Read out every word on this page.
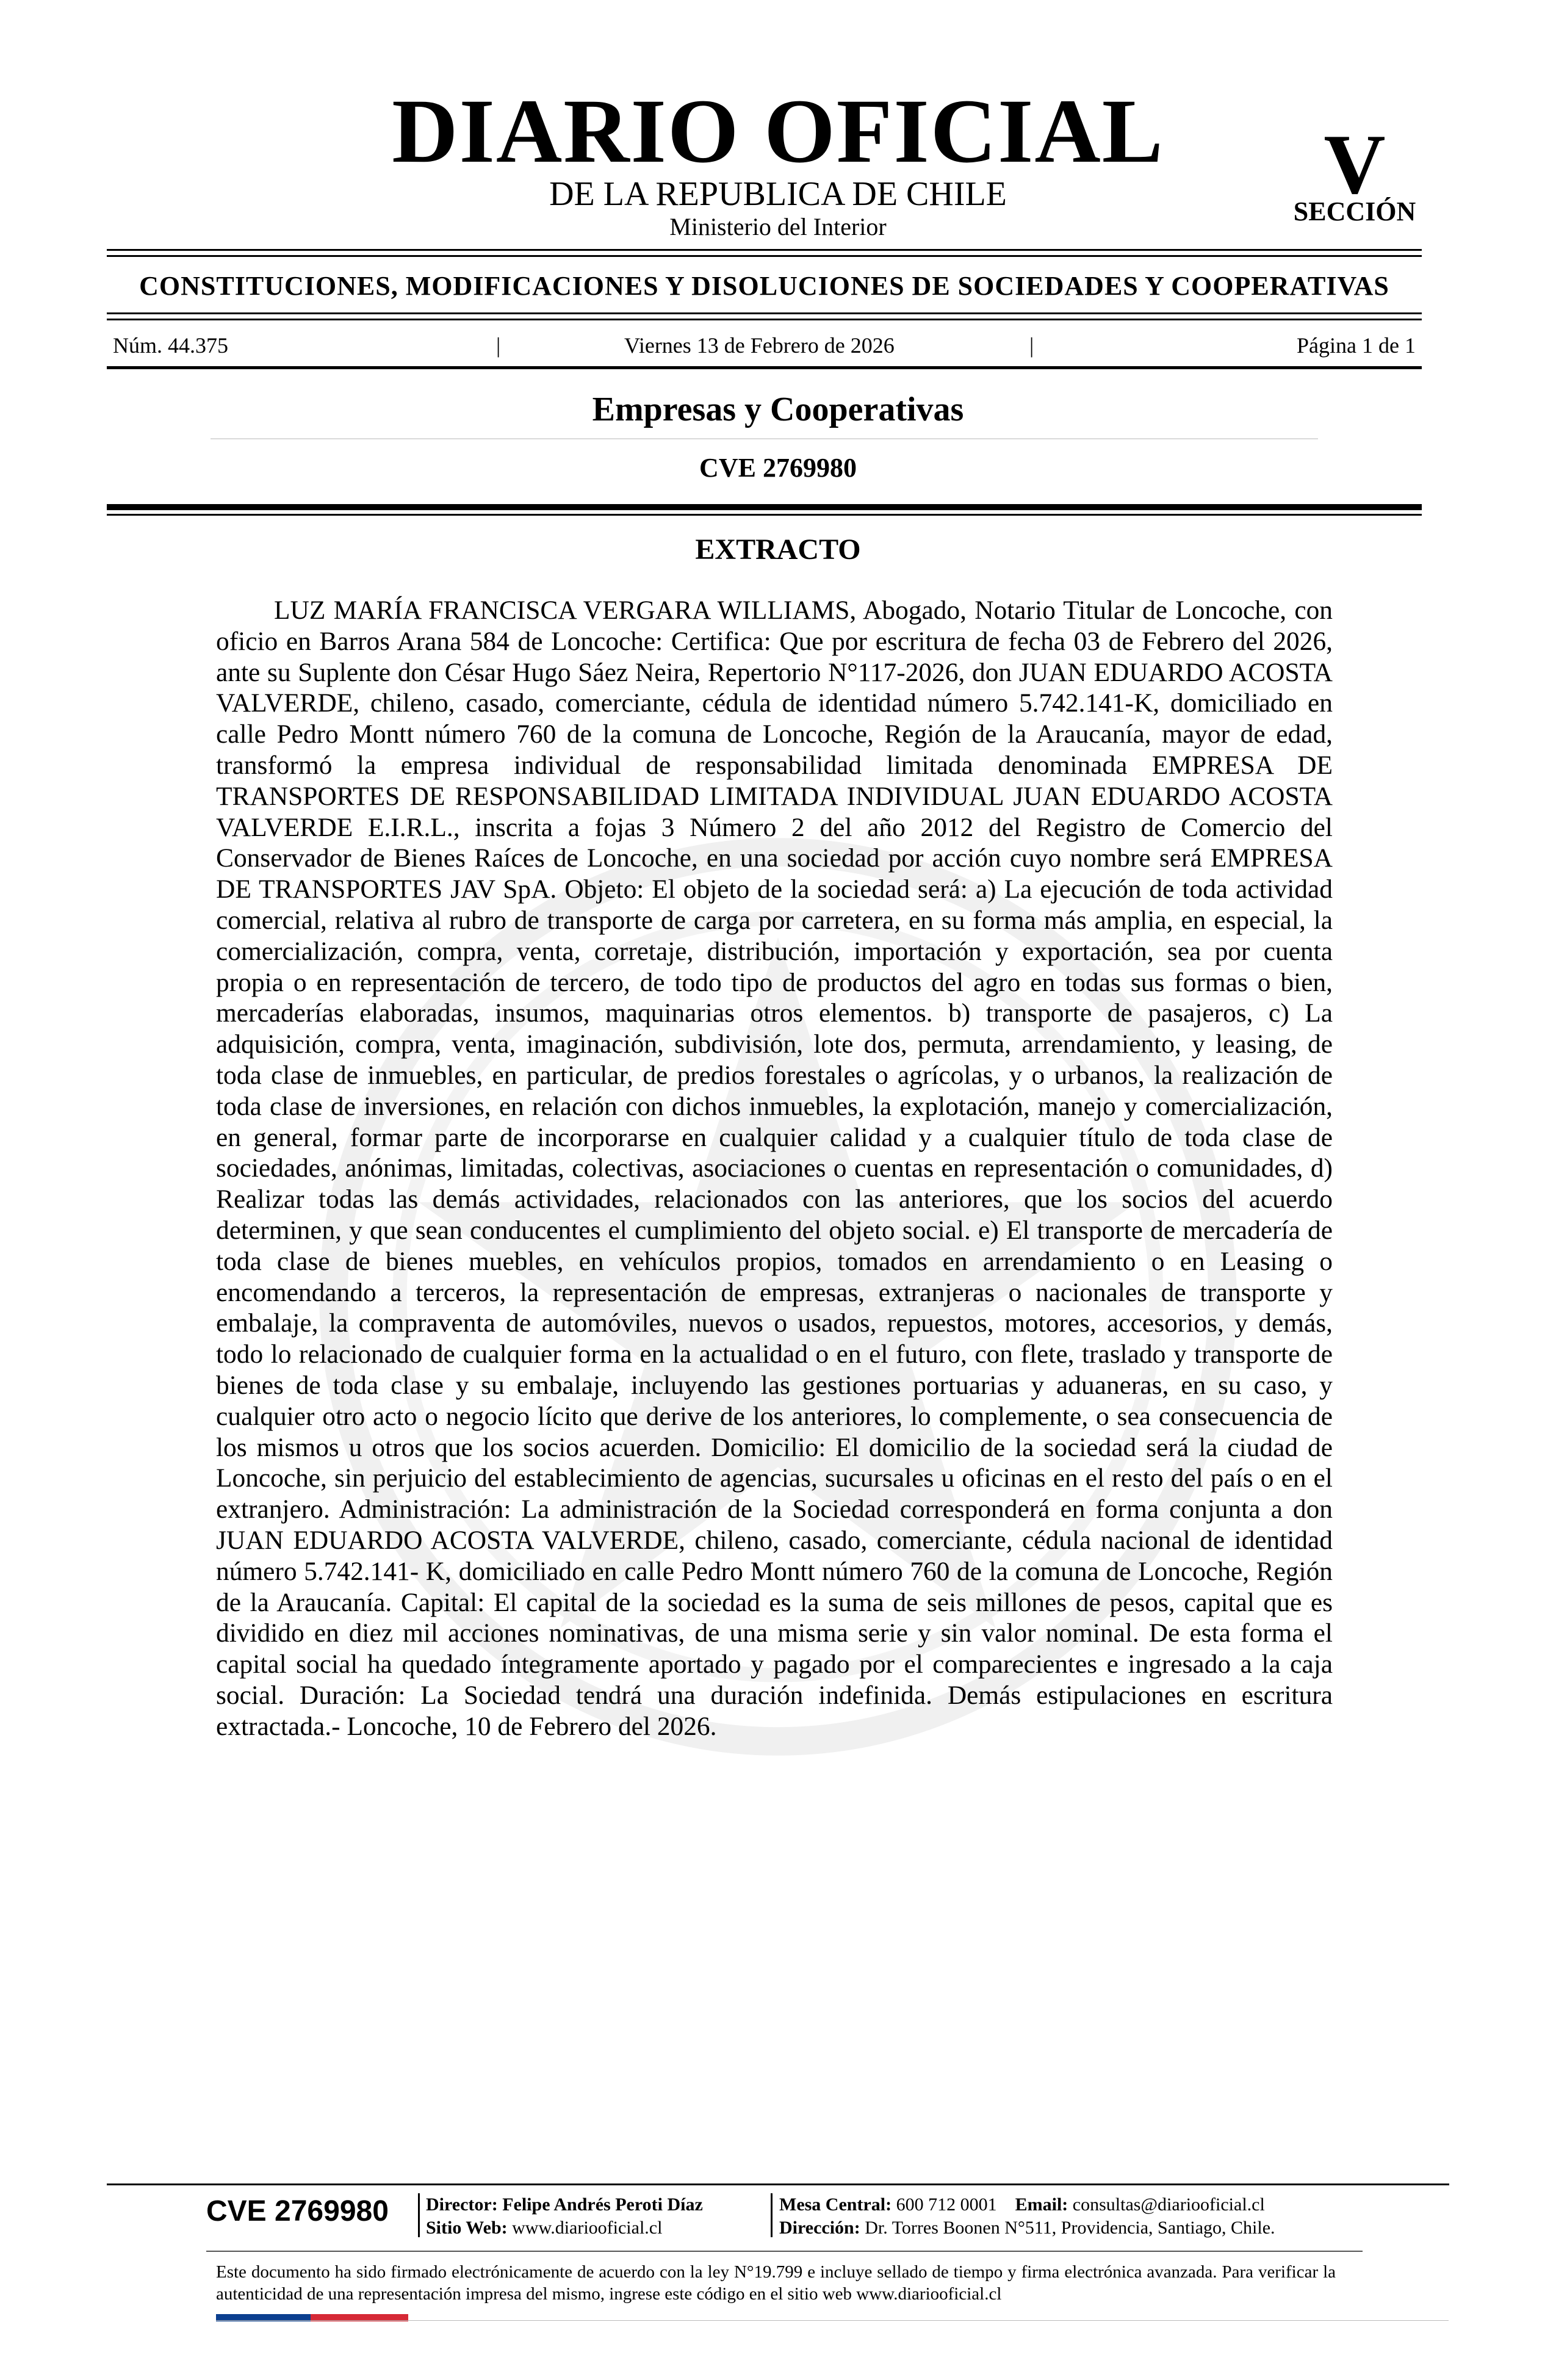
DIARIO OFICIAL
DE LA REPUBLICA DE CHILE
Ministerio del Interior
V
SECCIÓN
CONSTITUCIONES, MODIFICACIONES Y DISOLUCIONES DE SOCIEDADES Y COOPERATIVAS
Núm. 44.375	|	Viernes 13 de Febrero de 2026	|	Página 1 de 1
Empresas y Cooperativas
CVE 2769980
EXTRACTO

LUZ MARÍA FRANCISCA VERGARA WILLIAMS, Abogado, Notario Titular de Loncoche, con oficio en Barros Arana 584 de Loncoche: Certifica: Que por escritura de fecha 03 de Febrero del 2026, ante su Suplente don César Hugo Sáez Neira, Repertorio N°117-2026, don JUAN EDUARDO ACOSTA VALVERDE, chileno, casado, comerciante, cédula de identidad número 5.742.141-K, domiciliado en calle Pedro Montt número 760 de la comuna de Loncoche, Región de la Araucanía, mayor de edad, transformó la empresa individual de responsabilidad limitada denominada EMPRESA DE TRANSPORTES DE RESPONSABILIDAD LIMITADA INDIVIDUAL JUAN EDUARDO ACOSTA VALVERDE E.I.R.L., inscrita a fojas 3 Número 2 del año 2012 del Registro de Comercio del Conservador de Bienes Raíces de Loncoche, en una sociedad por acción cuyo nombre será EMPRESA DE TRANSPORTES JAV SpA. Objeto: El objeto de la sociedad será: a) La ejecución de toda actividad comercial, relativa al rubro de transporte de carga por carretera, en su forma más amplia, en especial, la comercialización, compra, venta, corretaje, distribución, importación y exportación, sea por cuenta propia o en representación de tercero, de todo tipo de productos del agro en todas sus formas o bien, mercaderías elaboradas, insumos, maquinarias otros elementos. b) transporte de pasajeros, c) La adquisición, compra, venta, imaginación, subdivisión, lote dos, permuta, arrendamiento, y leasing, de toda clase de inmuebles, en particular, de predios forestales o agrícolas, y o urbanos, la realización de toda clase de inversiones, en relación con dichos inmuebles, la explotación, manejo y comercialización, en general, formar parte de incorporarse en cualquier calidad y a cualquier título de toda clase de sociedades, anónimas, limitadas, colectivas, asociaciones o cuentas en representación o comunidades, d) Realizar todas las demás actividades, relacionados con las anteriores, que los socios del acuerdo determinen, y que sean conducentes el cumplimiento del objeto social. e) El transporte de mercadería de toda clase de bienes muebles, en vehículos propios, tomados en arrendamiento o en Leasing o encomendando a terceros, la representación de empresas, extranjeras o nacionales de transporte y embalaje, la compraventa de automóviles, nuevos o usados, repuestos, motores, accesorios, y demás, todo lo relacionado de cualquier forma en la actualidad o en el futuro, con flete, traslado y transporte de bienes de toda clase y su embalaje, incluyendo las gestiones portuarias y aduaneras, en su caso, y cualquier otro acto o negocio lícito que derive de los anteriores, lo complemente, o sea consecuencia de los mismos u otros que los socios acuerden. Domicilio: El domicilio de la sociedad será la ciudad de Loncoche, sin perjuicio del establecimiento de agencias, sucursales u oficinas en el resto del país o en el extranjero. Administración: La administración de la Sociedad corresponderá en forma conjunta a don JUAN EDUARDO ACOSTA VALVERDE, chileno, casado, comerciante, cédula nacional de identidad número 5.742.141- K, domiciliado en calle Pedro Montt número 760 de la comuna de Loncoche, Región de la Araucanía. Capital: El capital de la sociedad es la suma de seis millones de pesos, capital que es dividido en diez mil acciones nominativas, de una misma serie y sin valor nominal. De esta forma el capital social ha quedado íntegramente aportado y pagado por el comparecientes e ingresado a la caja social. Duración: La Sociedad tendrá una duración indefinida. Demás estipulaciones en escritura extractada.- Loncoche, 10 de Febrero del 2026.

CVE 2769980	Director: Felipe Andrés Peroti Díaz
Sitio Web: www.diariooficial.cl
Mesa Central: 600 712 0001 Email: consultas@diariooficial.cl
Dirección: Dr. Torres Boonen N°511, Providencia, Santiago, Chile.

Este documento ha sido firmado electrónicamente de acuerdo con la ley N°19.799 e incluye sellado de tiempo y firma electrónica avanzada. Para verificar la autenticidad de una representación impresa del mismo, ingrese este código en el sitio web www.diariooficial.cl
